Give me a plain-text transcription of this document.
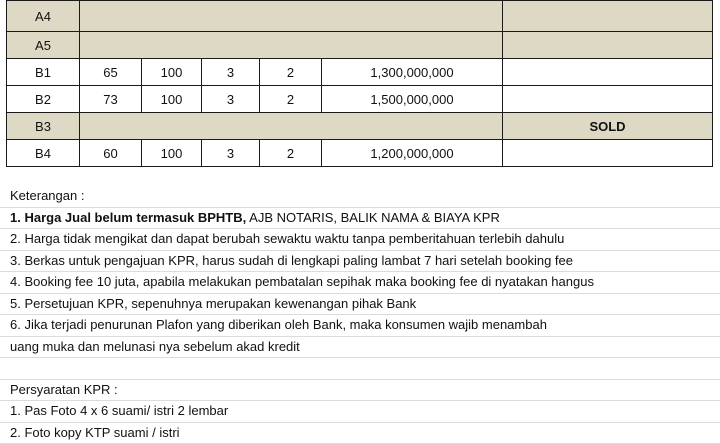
A4						
A5						
B1	65	100	3	2	1,300,000,000	
B2	73	100	3	2	1,500,000,000	
B3						SOLD
B4	60	100	3	2	1,200,000,000	
Keterangan :
1. Harga Jual belum termasuk BPHTB, AJB NOTARIS, BALIK NAMA & BIAYA KPR
2. Harga tidak mengikat dan dapat berubah sewaktu waktu tanpa pemberitahuan terlebih dahulu
3. Berkas untuk pengajuan KPR, harus sudah di lengkapi paling lambat 7 hari setelah booking fee
4. Booking fee 10 juta, apabila melakukan pembatalan sepihak maka booking fee di nyatakan hangus
5. Persetujuan KPR, sepenuhnya merupakan kewenangan pihak Bank
6. Jika terjadi penurunan Plafon yang diberikan oleh Bank, maka konsumen wajib menambah
uang muka dan melunasi nya sebelum akad kredit
Persyaratan KPR :
1. Pas Foto 4 x 6 suami/ istri 2 lembar
2. Foto kopy KTP suami / istri
